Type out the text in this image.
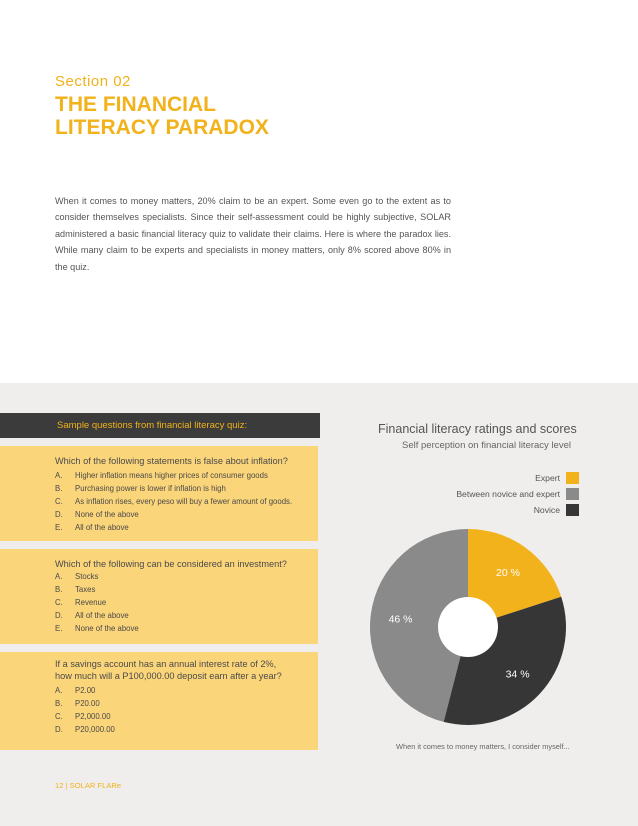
Section 02
THE FINANCIAL
LITERACY PARADOX

When it comes to money matters, 20% claim to be an expert. Some even go to the extent as to consider themselves specialists. Since their self-assessment could be highly subjective, SOLAR administered a basic financial literacy quiz to validate their claims. Here is where the paradox lies. While many claim to be experts and specialists in money matters, only 8% scored above 80% in the quiz.

Sample questions from financial literacy quiz:
Which of the following statements is false about inflation?
A.	Higher inflation means higher prices of consumer goods
B.	Purchasing power is lower if inflation is high
C.	As inflation rises, every peso will buy a fewer amount of goods.
D.	None of the above
E.	All of the above
Which of the following can be considered an investment?
A.	Stocks
B.	Taxes
C.	Revenue
D.	All of the above
E.	None of the above
If a savings account has an annual interest rate of 2%,
how much will a P100,000.00 deposit earn after a year?
A.	P2.00
B.	P20.00
C.	P2,000.00
D.	P20,000.00
Financial literacy ratings and scores
Self perception on financial literacy level
Expert
Between novice and expert
Novice
20 %
34 %
46 %
When it comes to money matters, I consider myself...
12 | SOLAR FLARe
